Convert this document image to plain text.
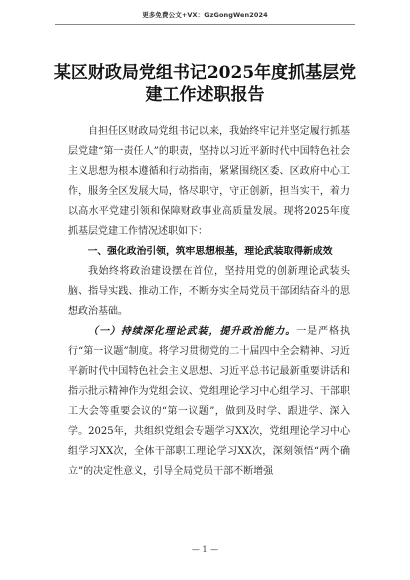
更多免费公文+VX：GzGongWen2024
某区财政局党组书记2025年度抓基层党建工作述职报告

自担任区财政局党组书记以来，我始终牢记并坚定履行抓基层党建“第一责任人”的职责，坚持以习近平新时代中国特色社会主义思想为根本遵循和行动指南，紧紧围绕区委、区政府中心工作，服务全区发展大局，恪尽职守，守正创新，担当实干，着力以高水平党建引领和保障财政事业高质量发展。现将2025年度抓基层党建工作情况述职如下：

一、强化政治引领，筑牢思想根基，理论武装取得新成效

我始终将政治建设摆在首位，坚持用党的创新理论武装头脑、指导实践、推动工作，不断夯实全局党员干部团结奋斗的思想政治基础。

（一）持续深化理论武装，提升政治能力。一是严格执行“第一议题”制度。将学习贯彻党的二十届四中全会精神、习近平新时代中国特色社会主义思想、习近平总书记最新重要讲话和指示批示精神作为党组会议、党组理论学习中心组学习、干部职工大会等重要会议的“第一议题”，做到及时学、跟进学、深入学。2025年，共组织党组会专题学习XX次，党组理论学习中心组学习XX次，全体干部职工理论学习XX次，深刻领悟“两个确立”的决定性意义，引导全局党员干部不断增强

— 1 —
